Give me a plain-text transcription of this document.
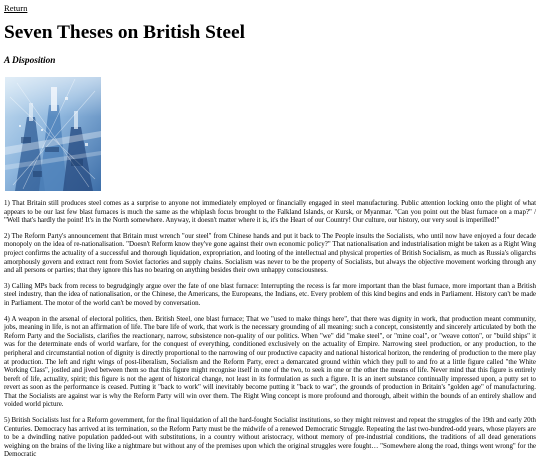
Return
Seven Theses on British Steel
A Disposition

1) That Britain still produces steel comes as a surprise to anyone not immediately employed or financially engaged in steel manufacturing. Public attention locking onto the plight of what appears to be our last few blast furnaces is much the same as the whiplash focus brought to the Falkland Islands, or Kursk, or Myanmar. "Can you point out the blast furnace on a map?" / "Well that's hardly the point! It's in the North somewhere. Anyway, it doesn't matter where it is, it's the Heart of our Country! Our culture, our history, our very soul is imperilled!"

2) The Reform Party's announcement that Britain must wrench "our steel" from Chinese hands and put it back to The People insults the Socialists, who until now have enjoyed a four decade monopoly on the idea of re-nationalisation. "Doesn't Reform know they've gone against their own economic policy?" That nationalisation and industrialisation might be taken as a Right Wing project confirms the actuality of a successful and thorough liquidation, expropriation, and looting of the intellectual and physical properties of British Socialism, as much as Russia's oligarchs amorphously govern and extract rent from Soviet factories and supply chains. Socialism was never to be the property of Socialists, but always the objective movement working through any and all persons or parties; that they ignore this has no bearing on anything besides their own unhappy consciousness.

3) Calling MPs back from recess to begrudgingly argue over the fate of one blast furnace: Interrupting the recess is far more important than the blast furnace, more important than a British steel industry, than the idea of nationalisation, or the Chinese, the Americans, the Europeans, the Indians, etc. Every problem of this kind begins and ends in Parliament. History can't be made in Parliament. The motor of the world can't be moved by conversation.

4) A weapon in the arsenal of electoral politics, then. British Steel, one blast furnace; That we "used to make things here", that there was dignity in work, that production meant community, jobs, meaning in life, is not an affirmation of life. The bare life of work, that work is the necessary grounding of all meaning: such a concept, consistently and sincerely articulated by both the Reform Party and the Socialists, clarifies the reactionary, narrow, subsistence non-quality of our politics. When "we" did "make steel", or "mine coal", or "weave cotton", or "build ships" it was for the determinate ends of world warfare, for the conquest of everything, conditioned exclusively on the actuality of Empire. Narrowing steel production, or any production, to the peripheral and circumstantial notion of dignity is directly proportional to the narrowing of our productive capacity and national historical horizon, the rendering of production to the mere play at production. The left and right wings of post-liberalism, Socialism and the Reform Party, erect a demarcated ground within which they pull to and fro at a little figure called "the White Working Class", jostled and jived between them so that this figure might recognise itself in one of the two, to seek in one or the other the means of life. Never mind that this figure is entirely bereft of life, actuality, spirit; this figure is not the agent of historical change, not least in its formulation as such a figure. It is an inert substance continually impressed upon, a putty set to revert as soon as the performance is ceased. Putting it "back to work" will inevitably become putting it "back to war", the grounds of production in Britain's "golden age" of manufacturing. That the Socialists are against war is why the Reform Party will win over them. The Right Wing concept is more profound and thorough, albeit within the bounds of an entirely shallow and voided world picture.

5) British Socialists lust for a Reform government, for the final liquidation of all the hard-fought Socialist institutions, so they might reinvest and repeat the struggles of the 19th and early 20th Centuries. Democracy has arrived at its termination, so the Reform Party must be the midwife of a renewed Democratic Struggle. Repeating the last two-hundred-odd years, whose players are to be a dwindling native population padded-out with substitutions, in a country without aristocracy, without memory of pre-industrial conditions, the traditions of all dead generations weighing on the brains of the living like a nightmare but without any of the premises upon which the original struggles were fought… "Somewhere along the road, things went wrong" for the Democratic
